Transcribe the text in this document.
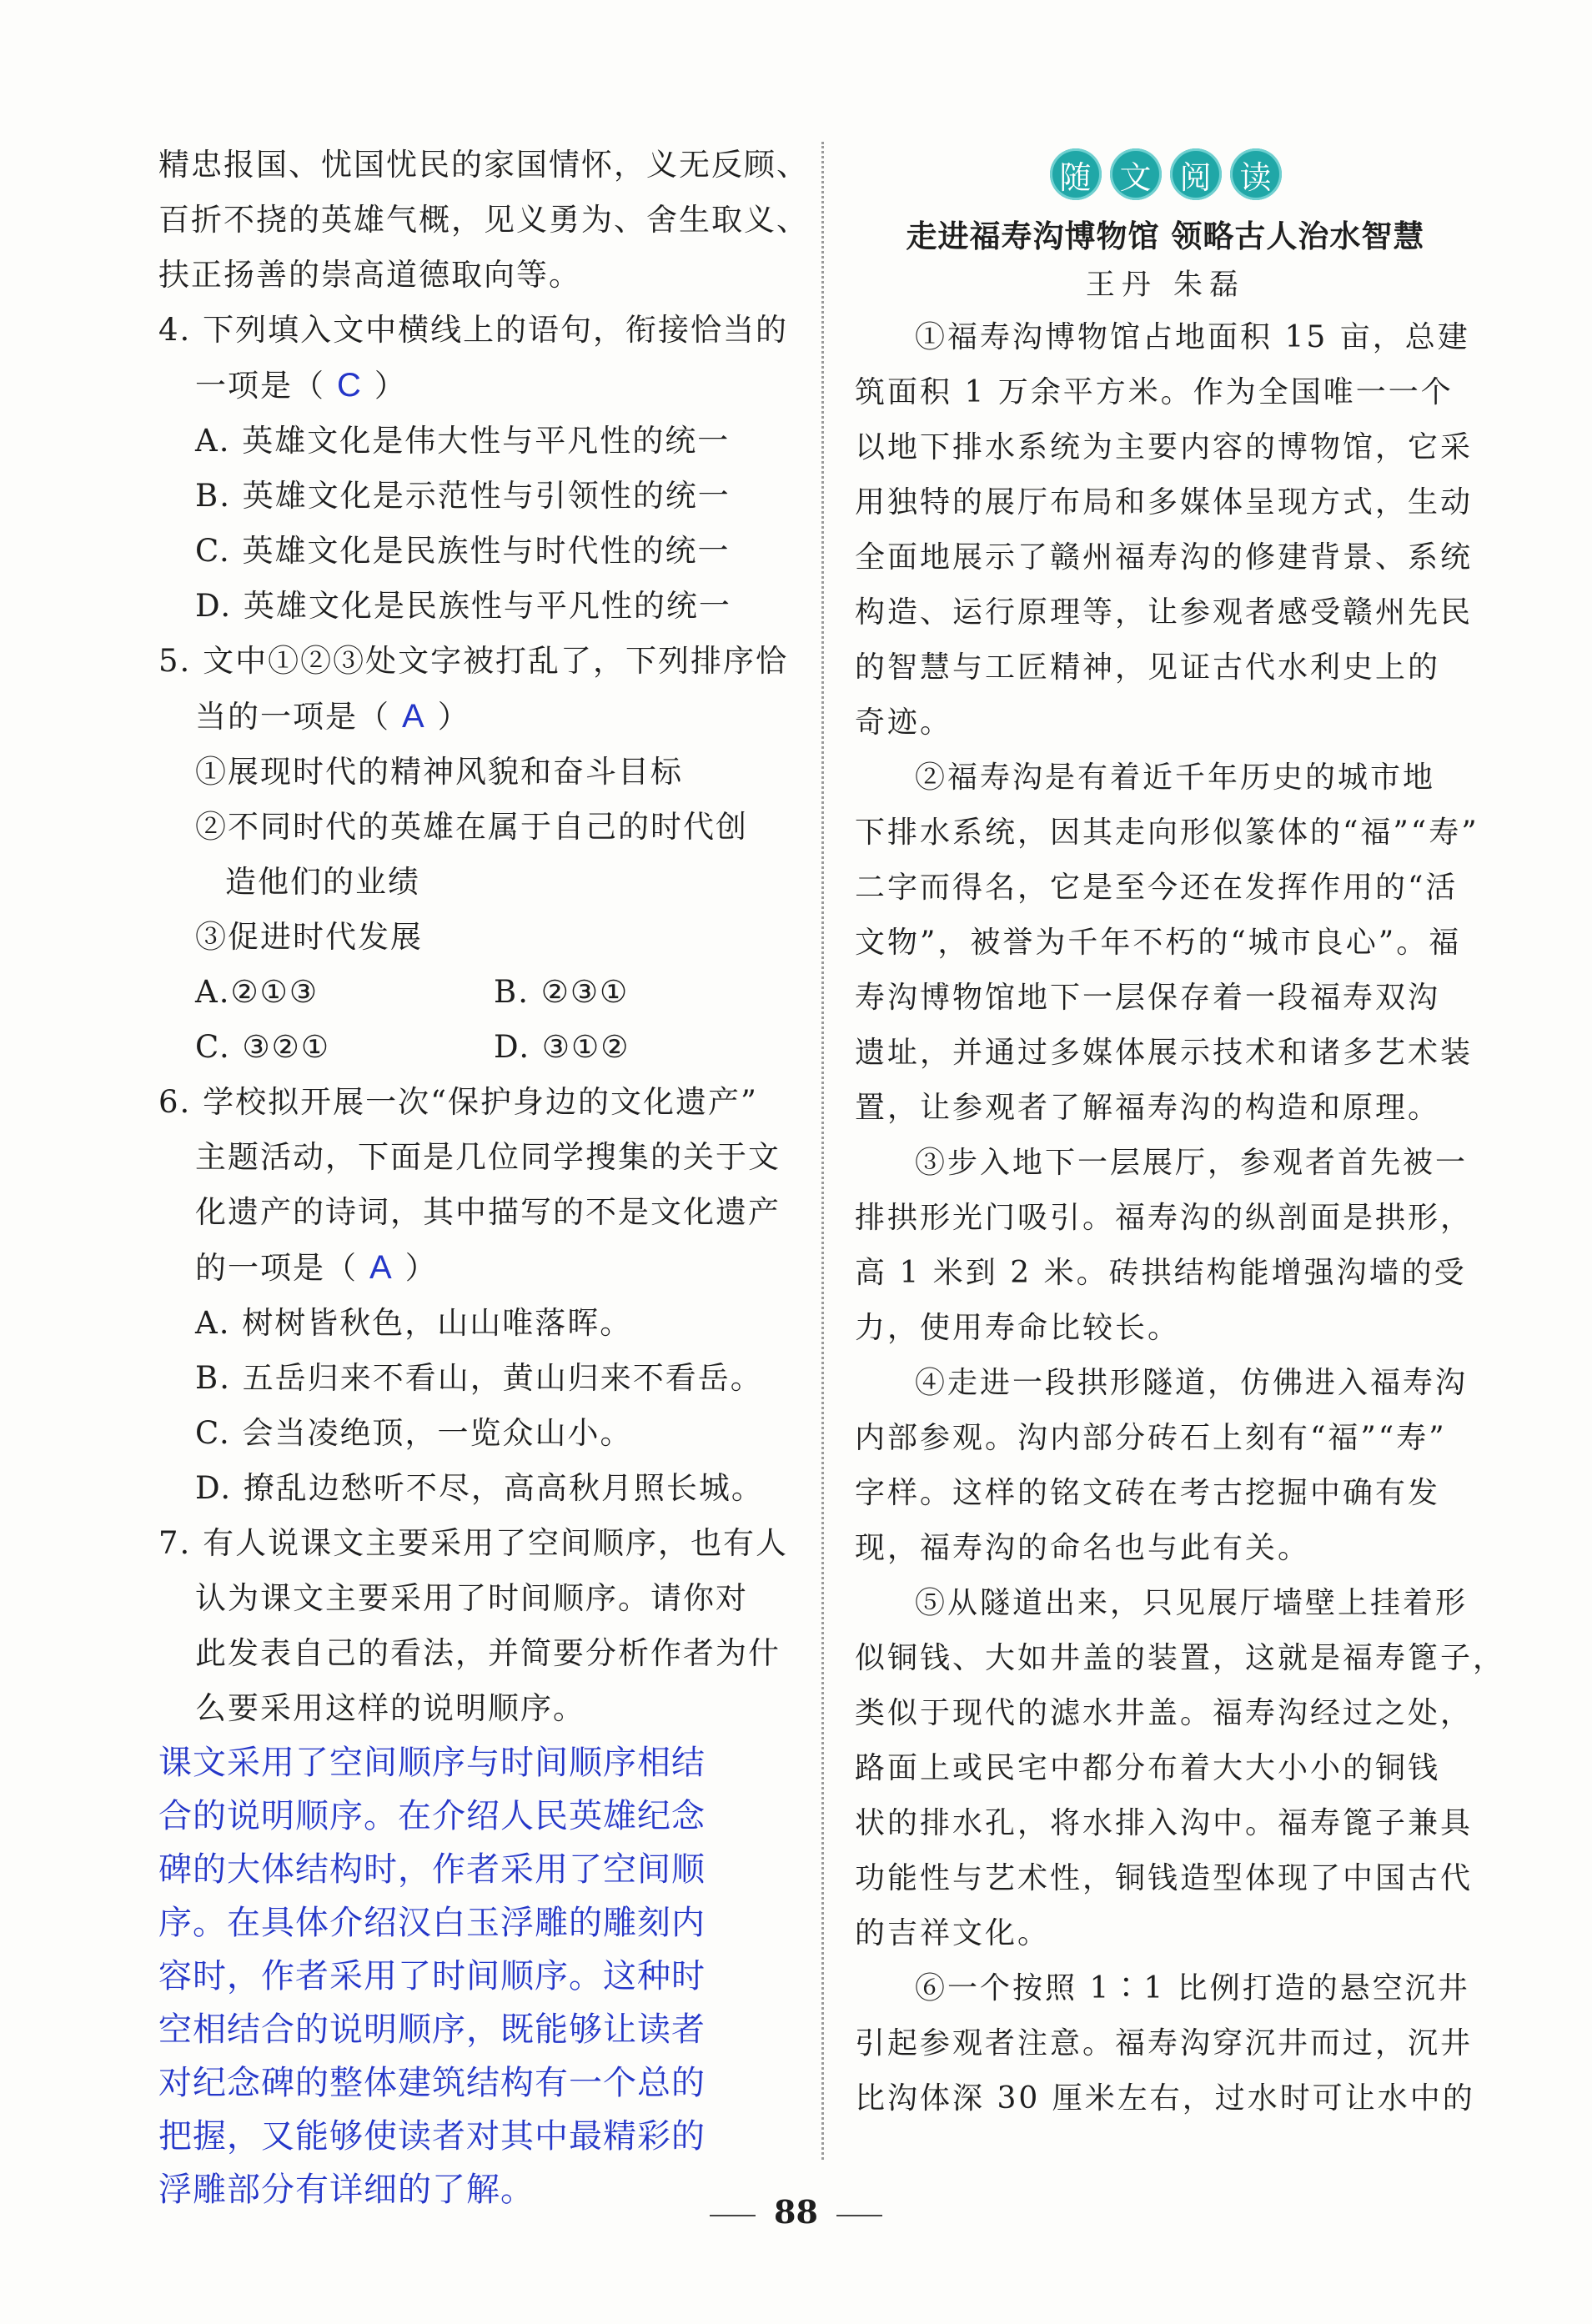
精忠报国、忧国忧民的家国情怀，义无反顾、
百折不挠的英雄气概，见义勇为、舍生取义、
扶正扬善的崇高道德取向等。
4. 下列填入文中横线上的语句，衔接恰当的
一项是（ C ）
A. 英雄文化是伟大性与平凡性的统一
B. 英雄文化是示范性与引领性的统一
C. 英雄文化是民族性与时代性的统一
D. 英雄文化是民族性与平凡性的统一
5. 文中①②③处文字被打乱了，下列排序恰
当的一项是（ A ）
①展现时代的精神风貌和奋斗目标
②不同时代的英雄在属于自己的时代创
造他们的业绩
③促进时代发展
A.②①③	B. ②③①
C. ③②①	D. ③①②
6. 学校拟开展一次“保护身边的文化遗产”
主题活动，下面是几位同学搜集的关于文
化遗产的诗词，其中描写的不是文化遗产
的一项是（ A ）
A. 树树皆秋色，山山唯落晖。
B. 五岳归来不看山，黄山归来不看岳。
C. 会当凌绝顶，一览众山小。
D. 撩乱边愁听不尽，高高秋月照长城。
7. 有人说课文主要采用了空间顺序，也有人
认为课文主要采用了时间顺序。请你对
此发表自己的看法，并简要分析作者为什
么要采用这样的说明顺序。
课文采用了空间顺序与时间顺序相结
合的说明顺序。在介绍人民英雄纪念
碑的大体结构时，作者采用了空间顺
序。在具体介绍汉白玉浮雕的雕刻内
容时，作者采用了时间顺序。这种时
空相结合的说明顺序，既能够让读者
对纪念碑的整体建筑结构有一个总的
把握，又能够使读者对其中最精彩的
浮雕部分有详细的了解。
随 文 阅 读
走进福寿沟博物馆 领略古人治水智慧
王丹 朱磊
①福寿沟博物馆占地面积 15 亩，总建
筑面积 1 万余平方米。作为全国唯一一个
以地下排水系统为主要内容的博物馆，它采
用独特的展厅布局和多媒体呈现方式，生动
全面地展示了赣州福寿沟的修建背景、系统
构造、运行原理等，让参观者感受赣州先民
的智慧与工匠精神，见证古代水利史上的
奇迹。
②福寿沟是有着近千年历史的城市地
下排水系统，因其走向形似篆体的“福”“寿”
二字而得名，它是至今还在发挥作用的“活
文物”，被誉为千年不朽的“城市良心”。福
寿沟博物馆地下一层保存着一段福寿双沟
遗址，并通过多媒体展示技术和诸多艺术装
置，让参观者了解福寿沟的构造和原理。
③步入地下一层展厅，参观者首先被一
排拱形光门吸引。福寿沟的纵剖面是拱形，
高 1 米到 2 米。砖拱结构能增强沟墙的受
力，使用寿命比较长。
④走进一段拱形隧道，仿佛进入福寿沟
内部参观。沟内部分砖石上刻有“福”“寿”
字样。这样的铭文砖在考古挖掘中确有发
现，福寿沟的命名也与此有关。
⑤从隧道出来，只见展厅墙壁上挂着形
似铜钱、大如井盖的装置，这就是福寿篦子，
类似于现代的滤水井盖。福寿沟经过之处，
路面上或民宅中都分布着大大小小的铜钱
状的排水孔，将水排入沟中。福寿篦子兼具
功能性与艺术性，铜钱造型体现了中国古代
的吉祥文化。
⑥一个按照 1∶1 比例打造的悬空沉井
引起参观者注意。福寿沟穿沉井而过，沉井
比沟体深 30 厘米左右，过水时可让水中的
88
